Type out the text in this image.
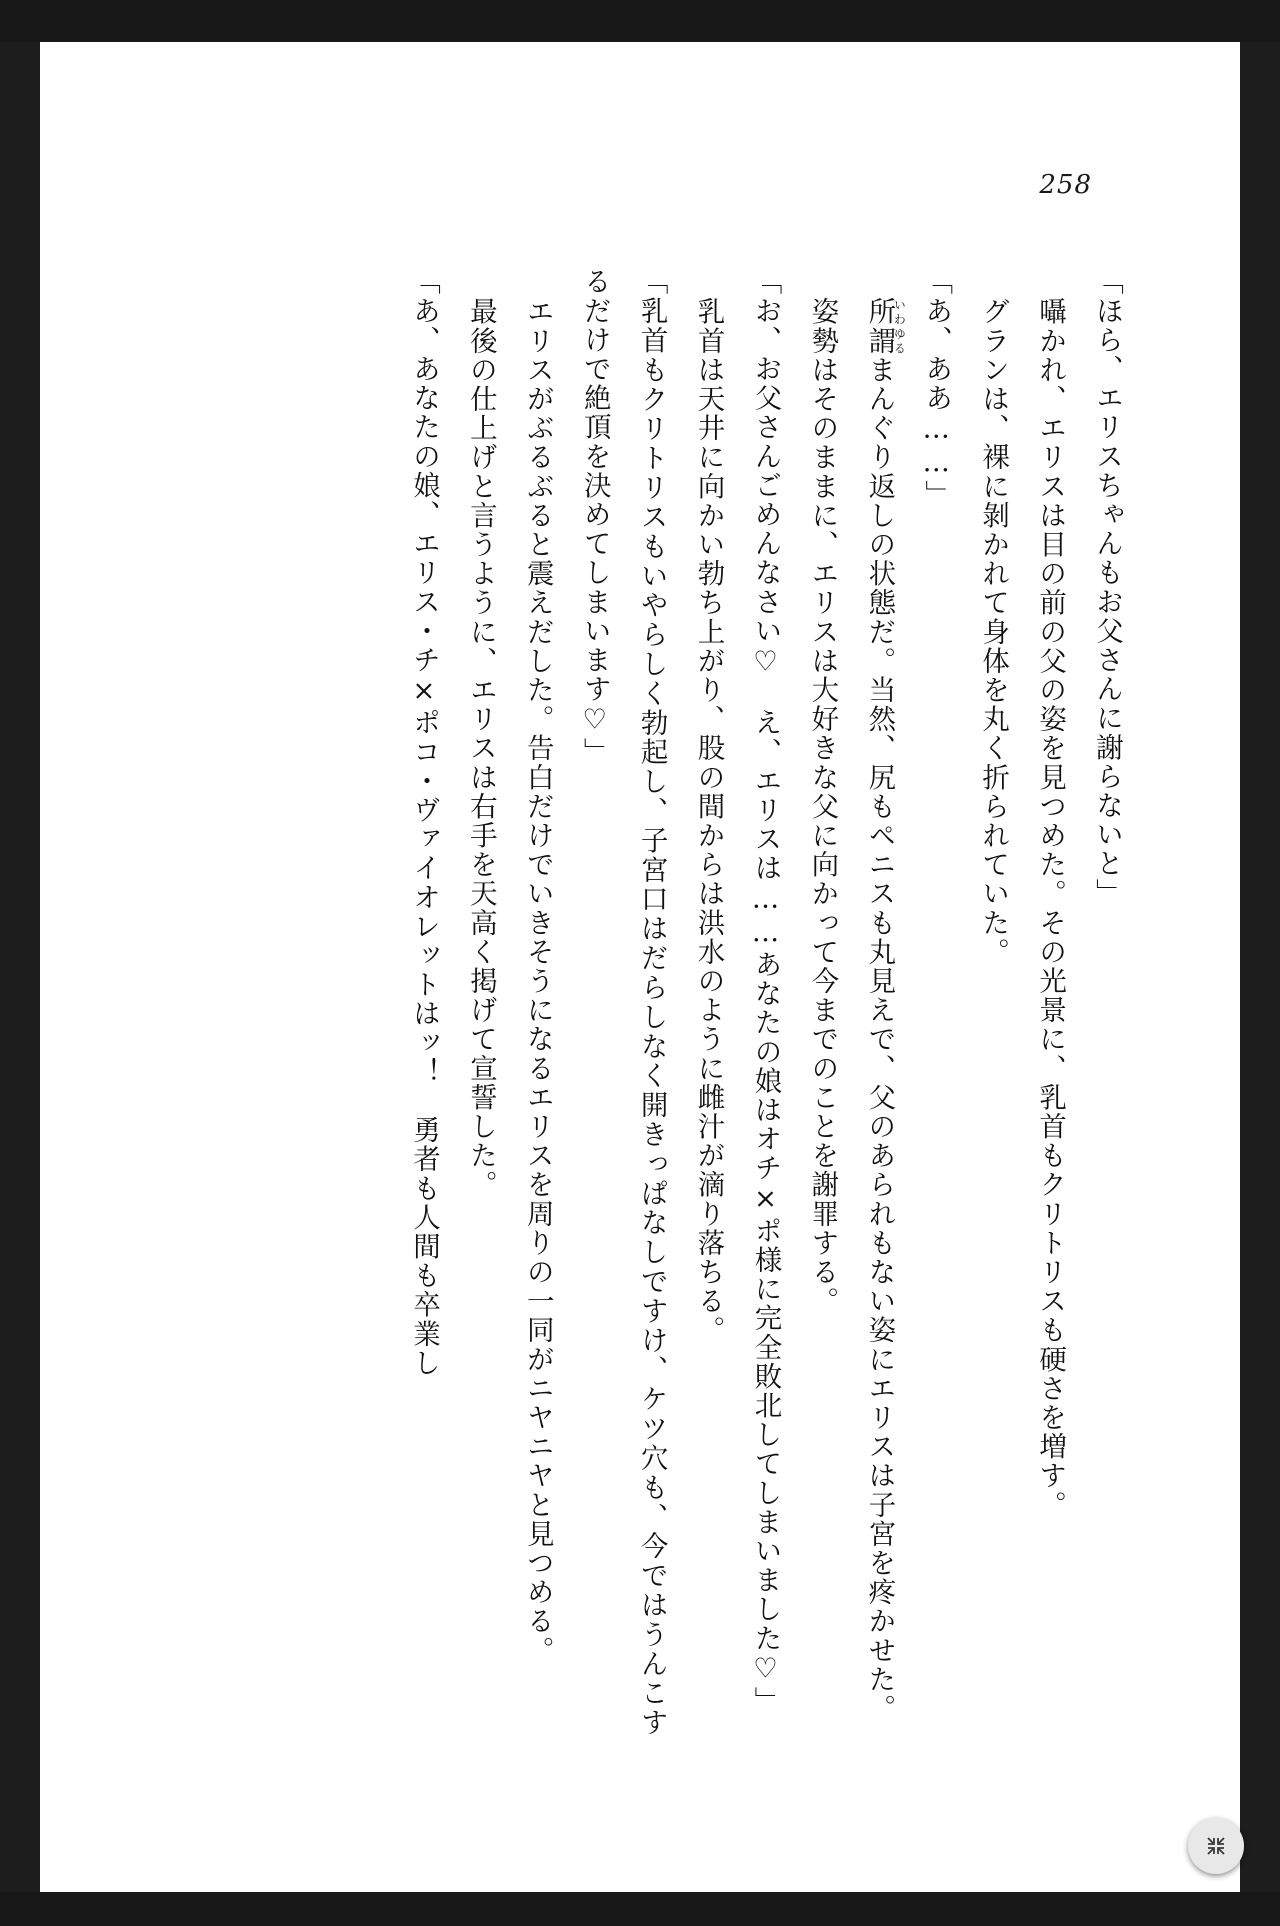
258

「ほら、エリスちゃんもお父さんに謝らないと」

囁かれ、エリスは目の前の父の姿を見つめた。その光景に、乳首もクリトリスも硬さを増す。

グランは、裸に剝かれて身体を丸く折られていた。

「あ、ああ……」

所謂いわゆるまんぐり返しの状態だ。当然、尻もペニスも丸見えで、父のあられもない姿にエリスは子宮を疼かせた。

姿勢はそのままに、エリスは大好きな父に向かって今までのことを謝罪する。

「お、お父さんごめんなさい♡　え、エリスは……あなたの娘はオチ×ポ様に完全敗北してしまいました♡」

乳首は天井に向かい勃ち上がり、股の間からは洪水のように雌汁が滴り落ちる。

「乳首もクリトリスもいやらしく勃起し、子宮口はだらしなく開きっぱなしですけ、ケツ穴も、今ではうんこするだけで絶頂を決めてしまいます♡」

エリスがぶるぶると震えだした。告白だけでいきそうになるエリスを周りの一同がニヤニヤと見つめる。

最後の仕上げと言うように、エリスは右手を天高く掲げて宣誓した。

「あ、あなたの娘、エリス・チ×ポコ・ヴァイオレットはッ！　勇者も人間も卒業し
